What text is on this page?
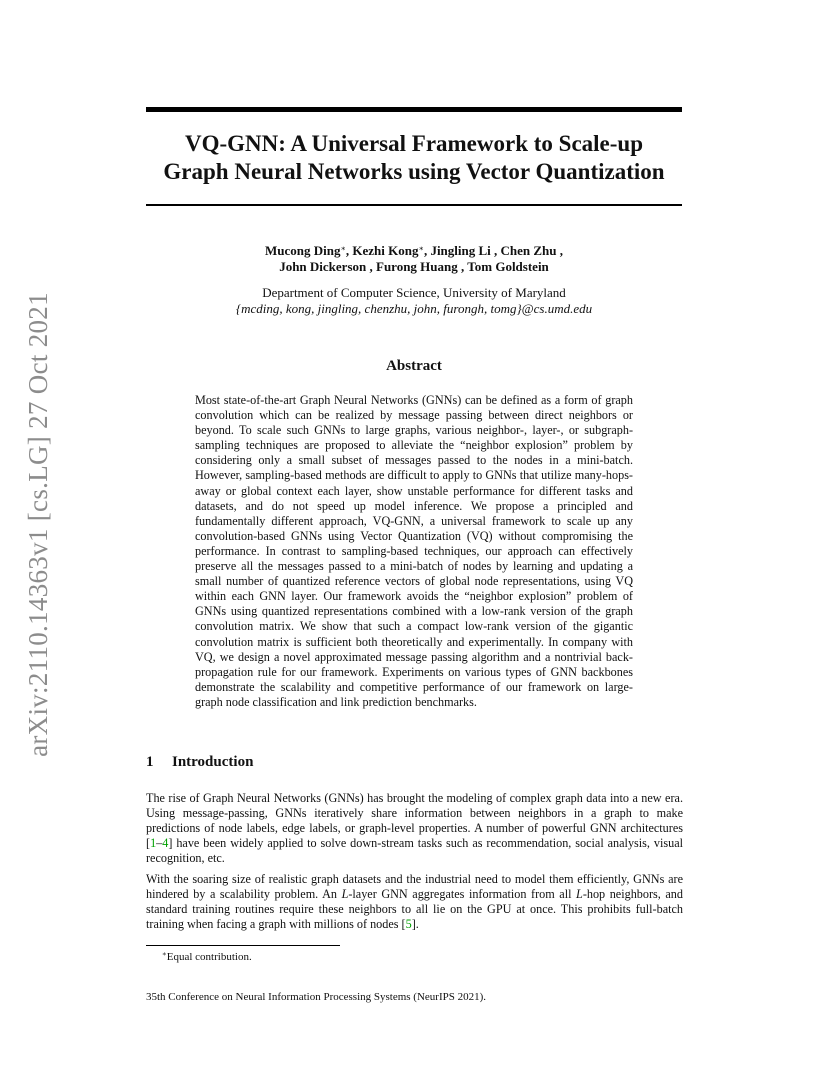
arXiv:2110.14363v1 [cs.LG] 27 Oct 2021
VQ-GNN: A Universal Framework to Scale-up
Graph Neural Networks using Vector Quantization
Mucong Ding∗, Kezhi Kong∗, Jingling Li , Chen Zhu ,
John Dickerson , Furong Huang , Tom Goldstein
Department of Computer Science, University of Maryland
{mcding, kong, jingling, chenzhu, john, furongh, tomg}@cs.umd.edu
Abstract
Most state-of-the-art Graph Neural Networks (GNNs) can be defined as a form of graph convolution which can be realized by message passing between direct neighbors or beyond. To scale such GNNs to large graphs, various neighbor-, layer-, or subgraph-sampling techniques are proposed to alleviate the “neighbor explosion” problem by considering only a small subset of messages passed to the nodes in a mini-batch. However, sampling-based methods are difficult to apply to GNNs that utilize many-hops-away or global context each layer, show unstable performance for different tasks and datasets, and do not speed up model inference. We propose a principled and fundamentally different approach, VQ-GNN, a universal framework to scale up any convolution-based GNNs using Vector Quantization (VQ) without compromising the performance. In contrast to sampling-based techniques, our approach can effectively preserve all the messages passed to a mini-batch of nodes by learning and updating a small number of quantized reference vectors of global node representations, using VQ within each GNN layer. Our framework avoids the “neighbor explosion” problem of GNNs using quantized representations combined with a low-rank version of the graph convolution matrix. We show that such a compact low-rank version of the gigantic convolution matrix is sufficient both theoretically and experimentally. In company with VQ, we design a novel approximated message passing algorithm and a nontrivial back-propagation rule for our framework. Experiments on various types of GNN backbones demonstrate the scalability and competitive performance of our framework on large-graph node classification and link prediction benchmarks.
1 Introduction
The rise of Graph Neural Networks (GNNs) has brought the modeling of complex graph data into a new era. Using message-passing, GNNs iteratively share information between neighbors in a graph to make predictions of node labels, edge labels, or graph-level properties. A number of powerful GNN architectures [1–4] have been widely applied to solve down-stream tasks such as recommendation, social analysis, visual recognition, etc.
With the soaring size of realistic graph datasets and the industrial need to model them efficiently, GNNs are hindered by a scalability problem. An L-layer GNN aggregates information from all L-hop neighbors, and standard training routines require these neighbors to all lie on the GPU at once. This prohibits full-batch training when facing a graph with millions of nodes [5].
∗Equal contribution.
35th Conference on Neural Information Processing Systems (NeurIPS 2021).
